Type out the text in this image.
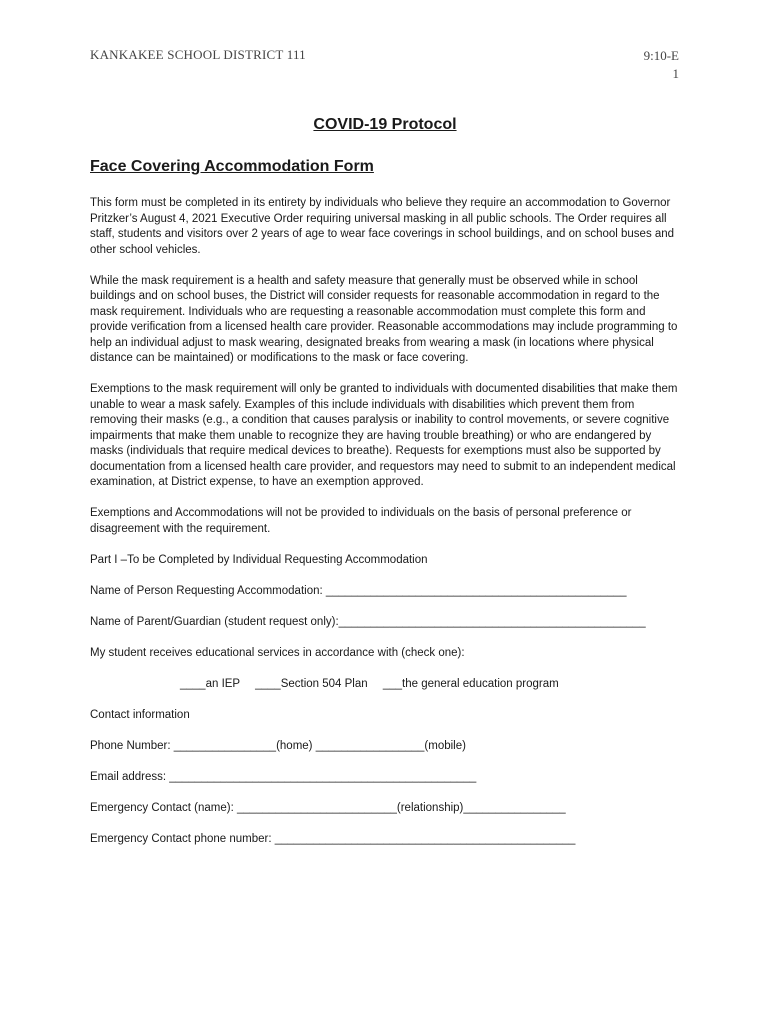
KANKAKEE SCHOOL DISTRICT 111	9:10-E
1
COVID-19 Protocol
Face Covering Accommodation Form

This form must be completed in its entirety by individuals who believe they require an accommodation to Governor Pritzker’s August 4, 2021 Executive Order requiring universal masking in all public schools. The Order requires all staff, students and visitors over 2 years of age to wear face coverings in school buildings, and on school buses and other school vehicles.

While the mask requirement is a health and safety measure that generally must be observed while in school buildings and on school buses, the District will consider requests for reasonable accommodation in regard to the mask requirement. Individuals who are requesting a reasonable accommodation must complete this form and provide verification from a licensed health care provider. Reasonable accommodations may include programming to help an individual adjust to mask wearing, designated breaks from wearing a mask (in locations where physical distance can be maintained) or modifications to the mask or face covering.

Exemptions to the mask requirement will only be granted to individuals with documented disabilities that make them unable to wear a mask safely. Examples of this include individuals with disabilities which prevent them from removing their masks (e.g., a condition that causes paralysis or inability to control movements, or severe cognitive impairments that make them unable to recognize they are having trouble breathing) or who are endangered by masks (individuals that require medical devices to breathe). Requests for exemptions must also be supported by documentation from a licensed health care provider, and requestors may need to submit to an independent medical examination, at District expense, to have an exemption approved.

Exemptions and Accommodations will not be provided to individuals on the basis of personal preference or disagreement with the requirement.

Part I –To be Completed by Individual Requesting Accommodation
Name of Person Requesting Accommodation: _______________________________________________
Name of Parent/Guardian (student request only):________________________________________________
My student receives educational services in accordance with (check one):
____an IEP ____Section 504 Plan ___the general education program
Contact information
Phone Number: ________________(home) _________________(mobile)
Email address: ________________________________________________
Emergency Contact (name): _________________________(relationship)________________
Emergency Contact phone number: _______________________________________________
